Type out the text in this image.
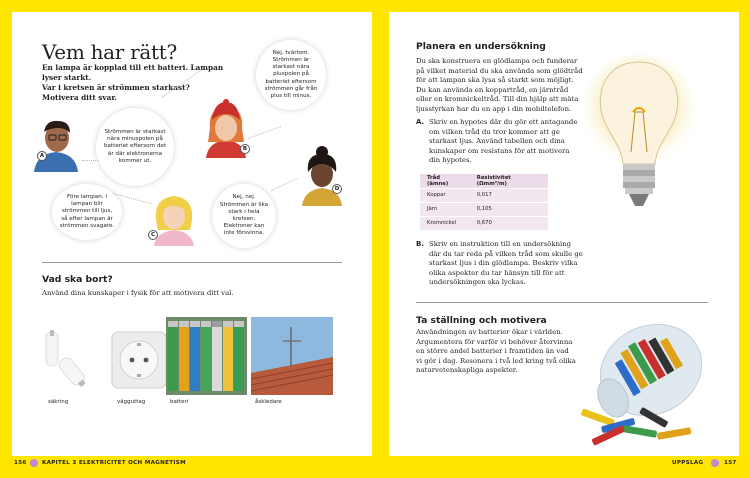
Vem har rätt?
En lampa är kopplad till ett batteri. Lampan lyser starkt.
Var i kretsen är strömmen starkast?
Motivera ditt svar.
Strömmen är starkast nära minuspolen på batteriet eftersom det är där elektronerna kommer ut.
Nej, tvärtom. Strömmen är starkast nära pluspolen på batteriet eftersom strömmen går från plus till minus.
Före lampan. I lampan blir strömmen till ljus, så efter lampan är strömmen svagare.
Nej, nej. Strömmen är lika stark i hela kretsen. Elektroner kan inte försvinna.
A
B
C
D
Vad ska bort?
Använd dina kunskaper i fysik för att motivera ditt val.
säkring	vägguttag	batteri	åskledare
156	KAPITEL 3 ELEKTRICITET OCH MAGNETISM
Planera en undersökning
Du ska konstruera en glödlampa och funderar
på vilket material du ska använda som glödtråd
för att lampan ska lysa så starkt som möjligt.
Du kan använda en koppartråd, en järntråd
eller en kromnickeltråd. Till din hjälp att mäta
ljusstyrkan har du en app i din mobiltelefon.
A. Skriv en hypotes där du gör ett antagande
om vilken tråd du tror kommer att ge
starkast ljus. Använd tabellen och dina
kunskaper om resistans för att motivera
din hypotes.
Tråd (ämne)	Resistivitet (Ωmm²/m)
Koppar	0,017
Järn	0,105
Kromnickel	0,670
B. Skriv en instruktion till en undersökning
där du tar reda på vilken tråd som skulle ge
starkast ljus i din glödlampa. Beskriv vilka
olika aspekter du tar hänsyn till för att
undersökningen ska lyckas.
Ta ställning och motivera
Användningen av batterier ökar i världen.
Argumentera för varför vi behöver återvinna
en större andel batterier i framtiden än vad
vi gör i dag. Resonera i två led kring två olika
naturvetenskapliga aspekter.
UPPSLAG	157
